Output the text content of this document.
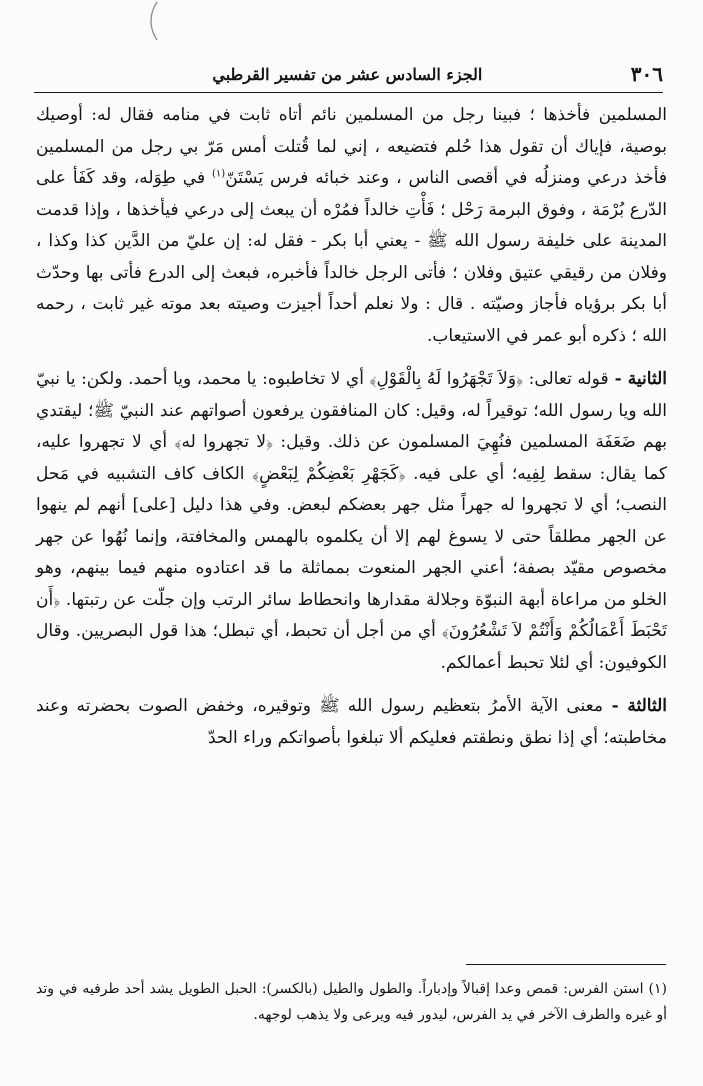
٣٠٦
الجزء السادس عشر من تفسير القرطبي

المسلمين فأخذها ؛ فبينا رجل من المسلمين نائم أتاه ثابت في منامه فقال له: أوصيك بوصية، فإياك أن تقول هذا حُلم فتضيعه ، إني لما قُتلت أمس مَرّ بي رجل من المسلمين فأخذ درعي ومنزلُه في أقصى الناس ، وعند خبائه فرس يَسْتَنّ$^{(١)}$ في طِوَله، وقد كَفَأ على الدّرع بُرْمَة ، وفوق البرمة رَحْل ؛ فَأْتِ خالداً فمُرْه أن يبعث إلى درعي فيأخذها ، وإذا قدمت المدينة على خليفة رسول الله ﷺ - يعني أبا بكر - فقل له: إن عليّ من الدَّين كذا وكذا ، وفلان من رقيقي عتيق وفلان ؛ فأتى الرجل خالداً فأخبره، فبعث إلى الدرع فأتى بها وحدّث أبا بكر برؤياه فأجاز وصيّته . قال : ولا نعلم أحداً أجيزت وصيته بعد موته غير ثابت ، رحمه الله ؛ ذكره أبو عمر في الاستيعاب.

الثانية - قوله تعالى: ﴿وَلاَ تَجْهَرُوا لَهُ بِالْقَوْلِ﴾ أي لا تخاطبوه: يا محمد، ويا أحمد. ولكن: يا نبيّ الله ويا رسول الله؛ توقيراً له، وقيل: كان المنافقون يرفعون أصواتهم عند النبيّ ﷺ؛ ليقتدي بهم ضَعَفَة المسلمين فنُهِيَ المسلمون عن ذلك. وقيل: ﴿لا تجهروا له﴾ أي لا تجهروا عليه، كما يقال: سقط لِفِيه؛ أي على فيه. ﴿كَجَهْرِ بَعْضِكُمْ لِبَعْضٍ﴾ الكاف كاف التشبيه في مَحل النصب؛ أي لا تجهروا له جهراً مثل جهر بعضكم لبعض. وفي هذا دليل [على] أنهم لم ينهوا عن الجهر مطلقاً حتى لا يسوغ لهم إلا أن يكلموه بالهمس والمخافتة، وإنما نُهُوا عن جهر مخصوص مقيّد بصفة؛ أعني الجهر المنعوت بمماثلة ما قد اعتادوه منهم فيما بينهم، وهو الخلو من مراعاة أبهة النبوّة وجلالة مقدارها وانحطاط سائر الرتب وإن جلّت عن رتبتها. ﴿أَن تَحْبَطَ أَعْمَالُكُمْ وَأَنْتُمْ لاَ تَشْعُرُونَ﴾ أي من أجل أن تحبط، أي تبطل؛ هذا قول البصريين. وقال الكوفيون: أي لئلا تحبط أعمالكم.

الثالثة - معنى الآية الأمرُ بتعظيم رسول الله ﷺ وتوقيره، وخفض الصوت بحضرته وعند مخاطبته؛ أي إذا نطق ونطقتم فعليكم ألا تبلغوا بأصواتكم وراء الحدّ

(١) استن الفرس: قمص وعدا إقبالاً وإدباراً. والطول والطيل (بالكسر): الحبل الطويل يشد أحد طرفيه في وتد أو غيره والطرف الآخر في يد الفرس، ليدور فيه ويرعى ولا يذهب لوجهه.
